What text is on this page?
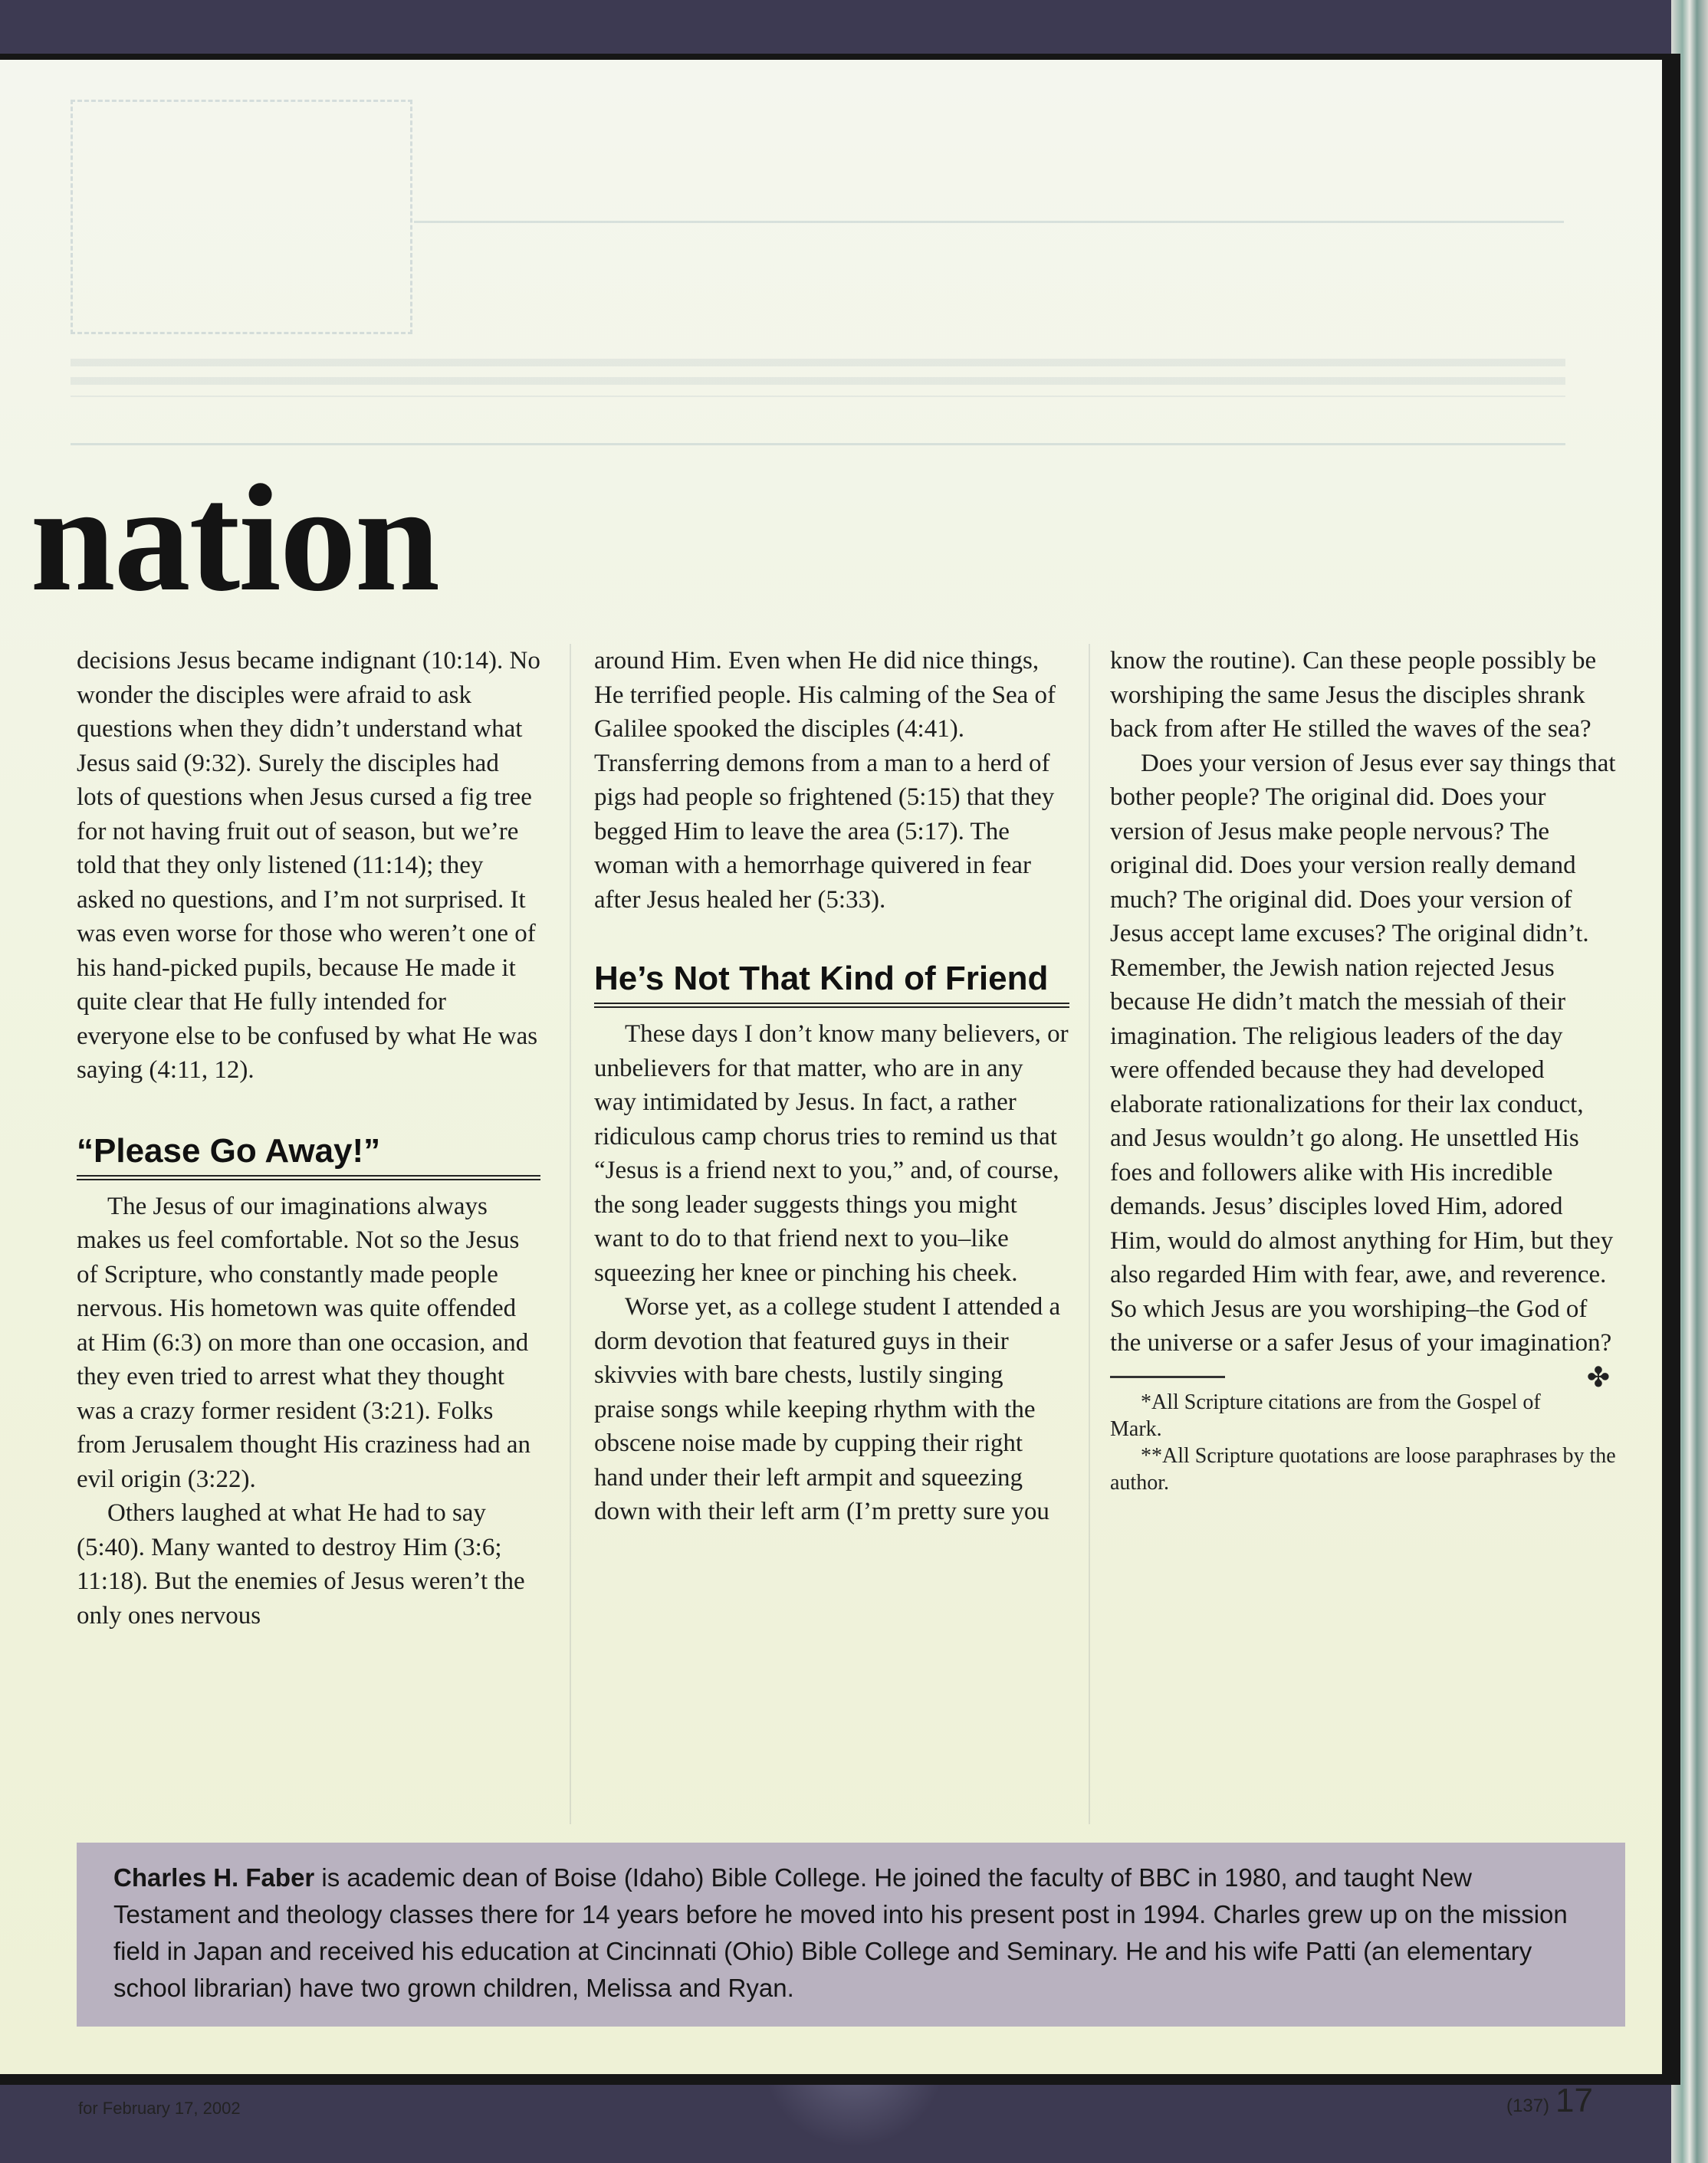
nation

decisions Jesus became indignant (10:14). No wonder the disciples were afraid to ask questions when they didn’t understand what Jesus said (9:32). Surely the disciples had lots of questions when Jesus cursed a fig tree for not having fruit out of season, but we’re told that they only listened (11:14); they asked no questions, and I’m not surprised. It was even worse for those who weren’t one of his hand-picked pupils, because He made it quite clear that He fully intended for everyone else to be confused by what He was saying (4:11, 12).

“Please Go Away!”

The Jesus of our imaginations always makes us feel comfortable. Not so the Jesus of Scripture, who constantly made people nervous. His hometown was quite offended at Him (6:3) on more than one occasion, and they even tried to arrest what they thought was a crazy former resident (3:21). Folks from Jerusalem thought His craziness had an evil origin (3:22).

Others laughed at what He had to say (5:40). Many wanted to destroy Him (3:6; 11:18). But the enemies of Jesus weren’t the only ones nervous

around Him. Even when He did nice things, He terrified people. His calming of the Sea of Galilee spooked the disciples (4:41). Transferring demons from a man to a herd of pigs had people so frightened (5:15) that they begged Him to leave the area (5:17). The woman with a hemorrhage quivered in fear after Jesus healed her (5:33).

He’s Not That Kind of Friend

These days I don’t know many believers, or unbelievers for that matter, who are in any way intimidated by Jesus. In fact, a rather ridiculous camp chorus tries to remind us that “Jesus is a friend next to you,” and, of course, the song leader suggests things you might want to do to that friend next to you–like squeezing her knee or pinching his cheek.

Worse yet, as a college student I attended a dorm devotion that featured guys in their skivvies with bare chests, lustily singing praise songs while keeping rhythm with the obscene noise made by cupping their right hand under their left armpit and squeezing down with their left arm (I’m pretty sure you

know the routine). Can these people possibly be worshiping the same Jesus the disciples shrank back from after He stilled the waves of the sea?

Does your version of Jesus ever say things that bother people? The original did. Does your version of Jesus make people nervous? The original did. Does your version really demand much? The original did. Does your version of Jesus accept lame excuses? The original didn’t. Remember, the Jewish nation rejected Jesus because He didn’t match the messiah of their imagination. The religious leaders of the day were offended because they had developed elaborate rationalizations for their lax conduct, and Jesus wouldn’t go along. He unsettled His foes and followers alike with His incredible demands. Jesus’ disciples loved Him, adored Him, would do almost anything for Him, but they also regarded Him with fear, awe, and reverence. So which Jesus are you worshiping–the God of the universe or a safer Jesus of your imagination?
✤

*All Scripture citations are from the Gospel of Mark.

**All Scripture quotations are loose paraphrases by the author.

Charles H. Faber is academic dean of Boise (Idaho) Bible College. He joined the faculty of BBC in 1980, and taught New Testament and theology classes there for 14 years before he moved into his present post in 1994. Charles grew up on the mission field in Japan and received his education at Cincinnati (Ohio) Bible College and Seminary. He and his wife Patti (an elementary school librarian) have two grown children, Melissa and Ryan.
for February 17, 2002	(137) 17
